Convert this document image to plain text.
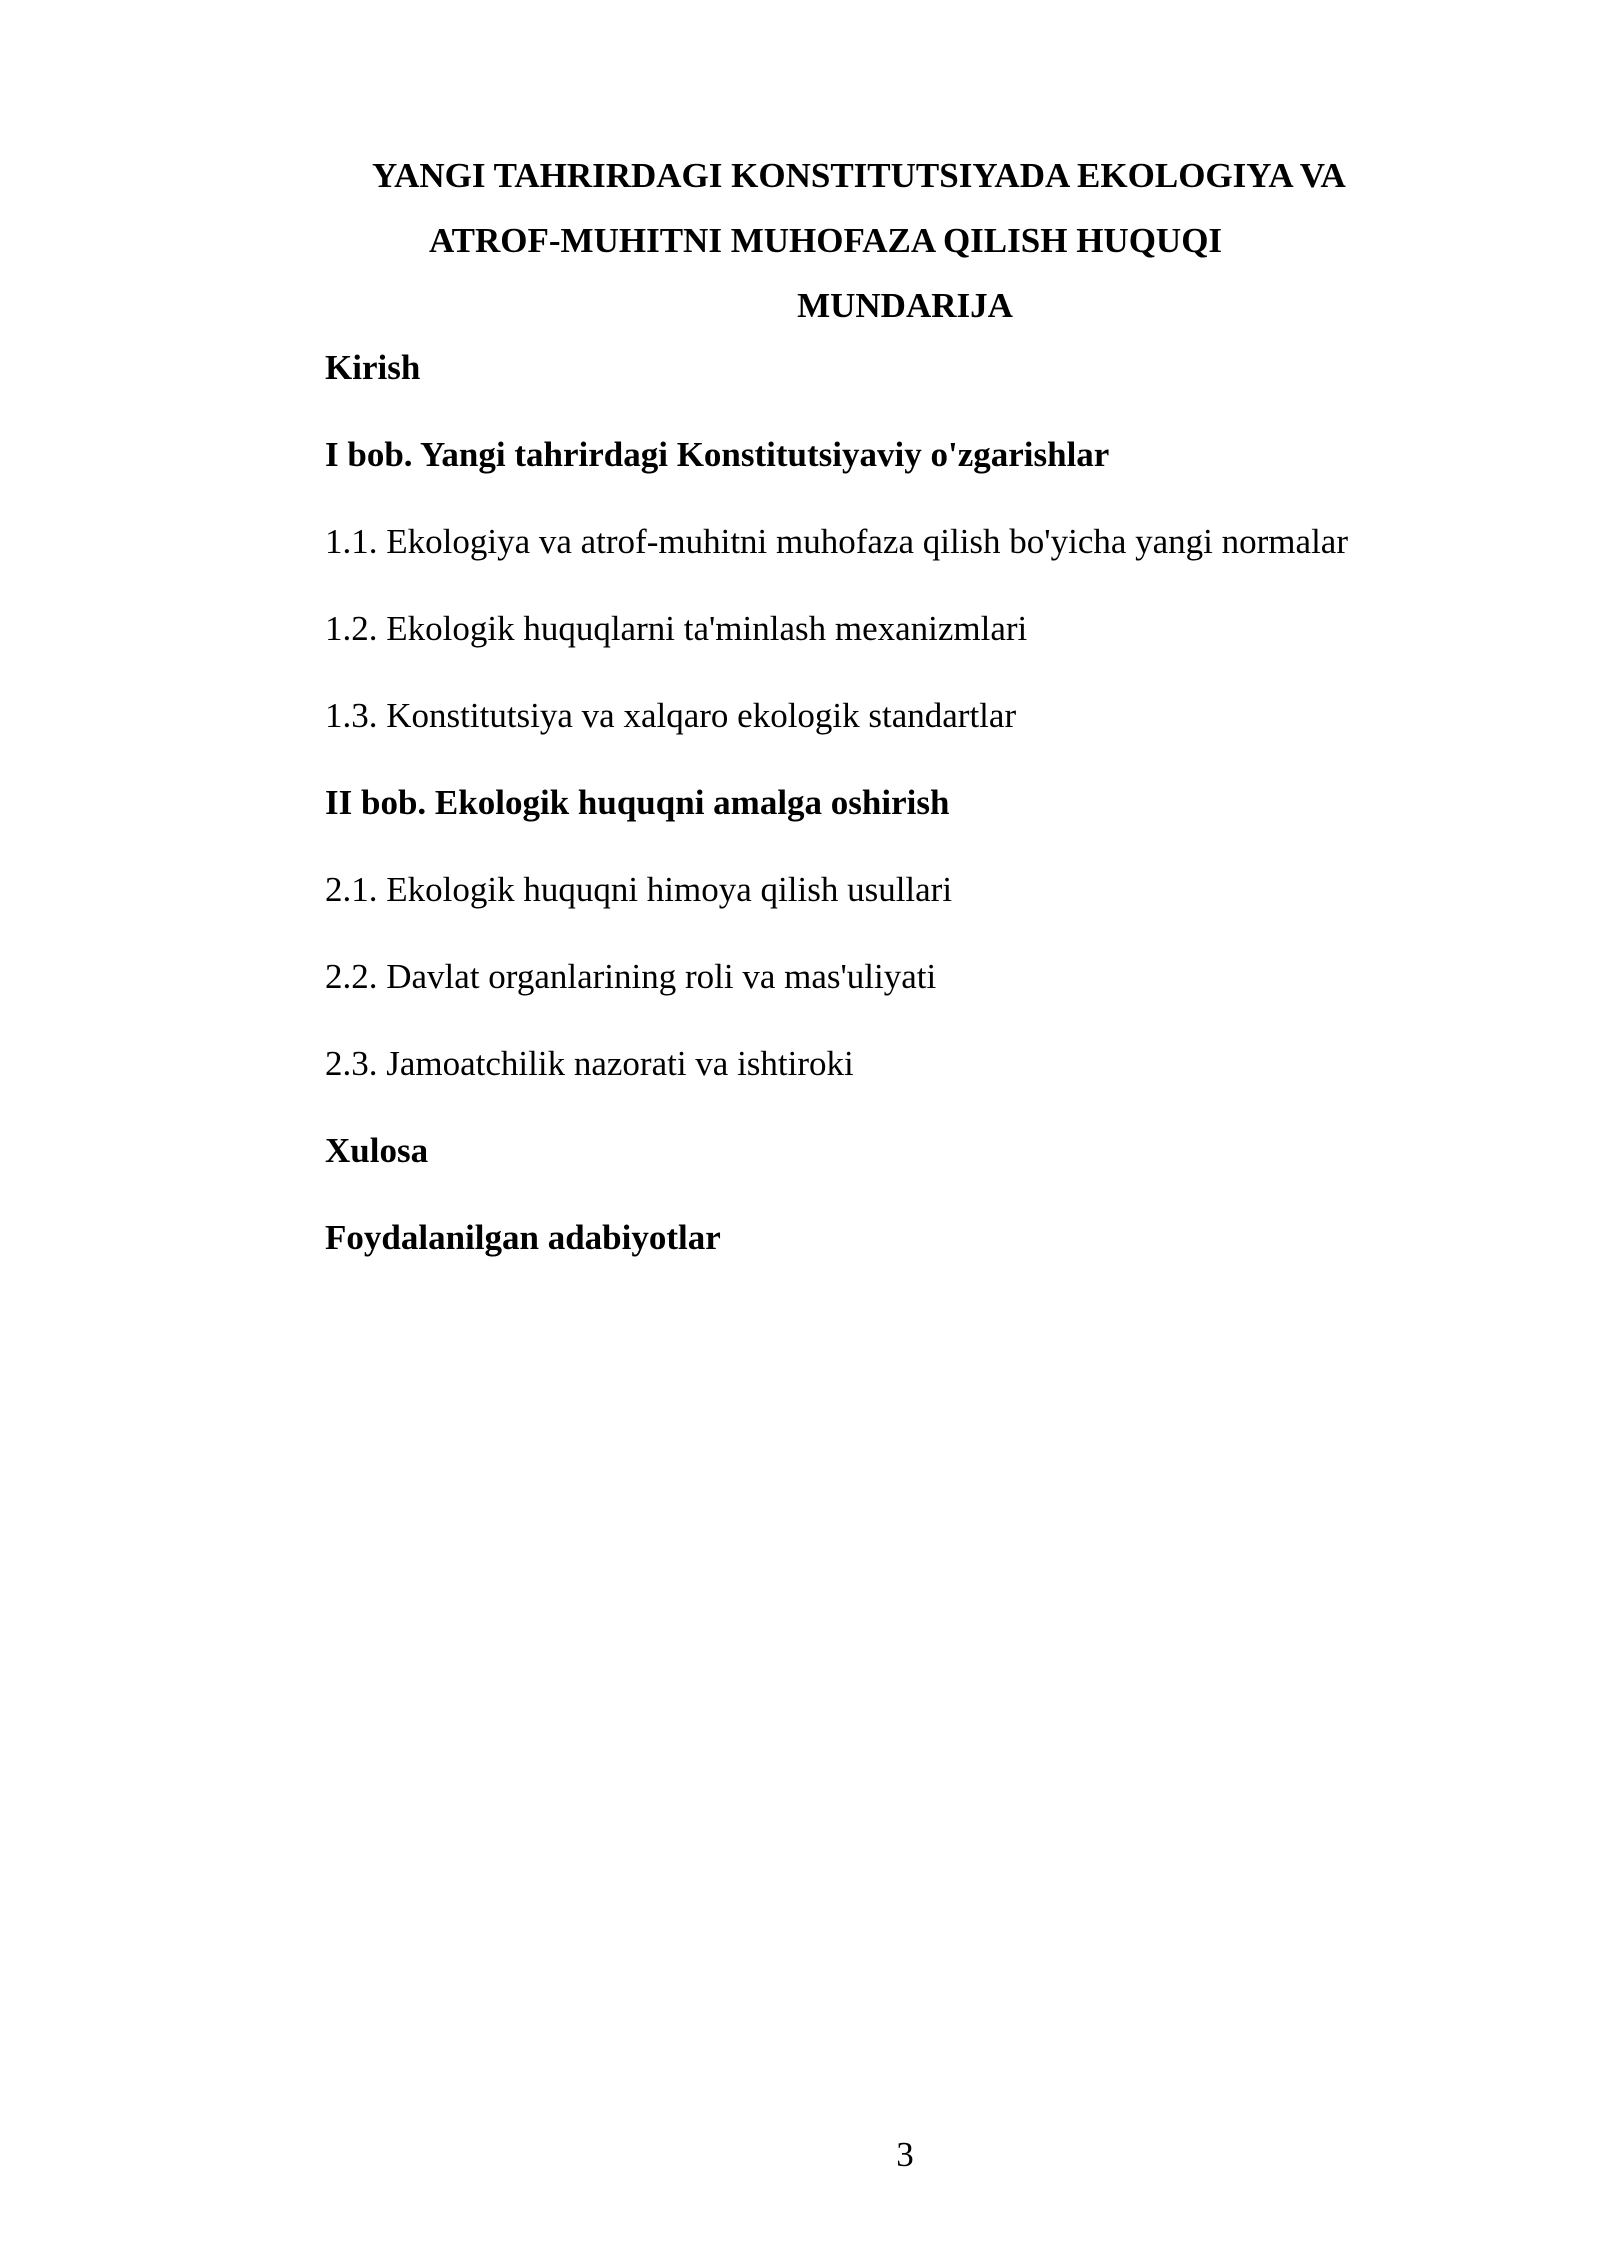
YANGI TAHRIRDAGI KONSTITUTSIYADA EKOLOGIYA VA
ATROF-MUHITNI MUHOFAZA QILISH HUQUQI
MUNDARIJA
Kirish
I bob. Yangi tahrirdagi Konstitutsiyaviy o'zgarishlar
1.1. Ekologiya va atrof-muhitni muhofaza qilish bo'yicha yangi normalar
1.2. Ekologik huquqlarni ta'minlash mexanizmlari
1.3. Konstitutsiya va xalqaro ekologik standartlar
II bob. Ekologik huquqni amalga oshirish
2.1. Ekologik huquqni himoya qilish usullari
2.2. Davlat organlarining roli va mas'uliyati
2.3. Jamoatchilik nazorati va ishtiroki
Xulosa
Foydalanilgan adabiyotlar
3
